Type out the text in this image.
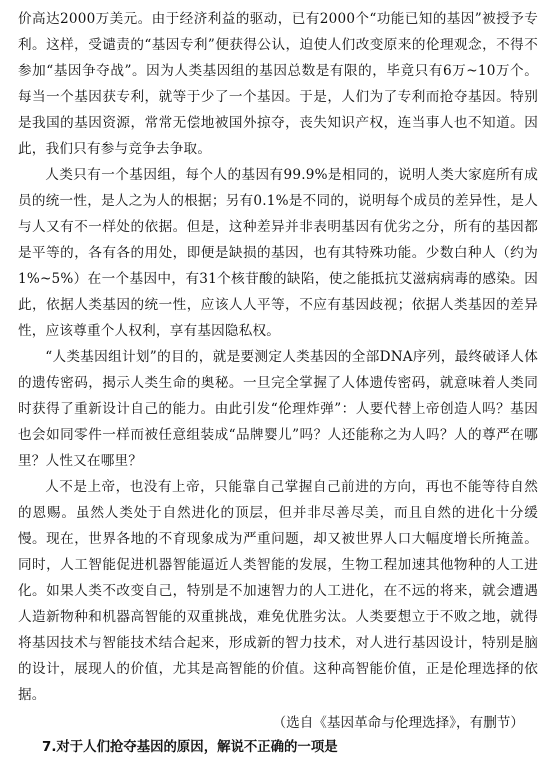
价高达2000万美元。由于经济利益的驱动，已有2000个“功能已知的基因”被授予专利。这样，受谴责的“基因专利”便获得公认，迫使人们改变原来的伦理观念，不得不参加“基因争夺战”。因为人类基因组的基因总数是有限的，毕竟只有6万~10万个。每当一个基因获专利，就等于少了一个基因。于是，人们为了专利而抢夺基因。特别是我国的基因资源，常常无偿地被国外掠夺，丧失知识产权，连当事人也不知道。因此，我们只有参与竞争去争取。

人类只有一个基因组，每个人的基因有99.9%是相同的，说明人类大家庭所有成员的统一性，是人之为人的根据；另有0.1%是不同的，说明每个成员的差异性，是人与人又有不一样处的依据。但是，这种差异并非表明基因有优劣之分，所有的基因都是平等的，各有各的用处，即便是缺损的基因，也有其特殊功能。少数白种人（约为1%~5%）在一个基因中，有31个核苷酸的缺陷，使之能抵抗艾滋病病毒的感染。因此，依据人类基因的统一性，应该人人平等，不应有基因歧视；依据人类基因的差异性，应该尊重个人权利，享有基因隐私权。

“人类基因组计划”的目的，就是要测定人类基因的全部DNA序列，最终破译人体的遗传密码，揭示人类生命的奥秘。一旦完全掌握了人体遗传密码，就意味着人类同时获得了重新设计自己的能力。由此引发“伦理炸弹”：人要代替上帝创造人吗？基因也会如同零件一样而被任意组装成“品牌婴儿”吗？人还能称之为人吗？人的尊严在哪里？人性又在哪里？

人不是上帝，也没有上帝，只能靠自己掌握自己前进的方向，再也不能等待自然的恩赐。虽然人类处于自然进化的顶层，但并非尽善尽美，而且自然的进化十分缓慢。现在，世界各地的不育现象成为严重问题，却又被世界人口大幅度增长所掩盖。同时，人工智能促进机器智能逼近人类智能的发展，生物工程加速其他物种的人工进化。如果人类不改变自己，特别是不加速智力的人工进化，在不远的将来，就会遭遇人造新物种和机器高智能的双重挑战，难免优胜劣汰。人类要想立于不败之地，就得将基因技术与智能技术结合起来，形成新的智力技术，对人进行基因设计，特别是脑的设计，展现人的价值，尤其是高智能的价值。这种高智能价值，正是伦理选择的依据。

（选自《基因革命与伦理选择》，有删节）

7.对于人们抢夺基因的原因，解说不正确的一项是
